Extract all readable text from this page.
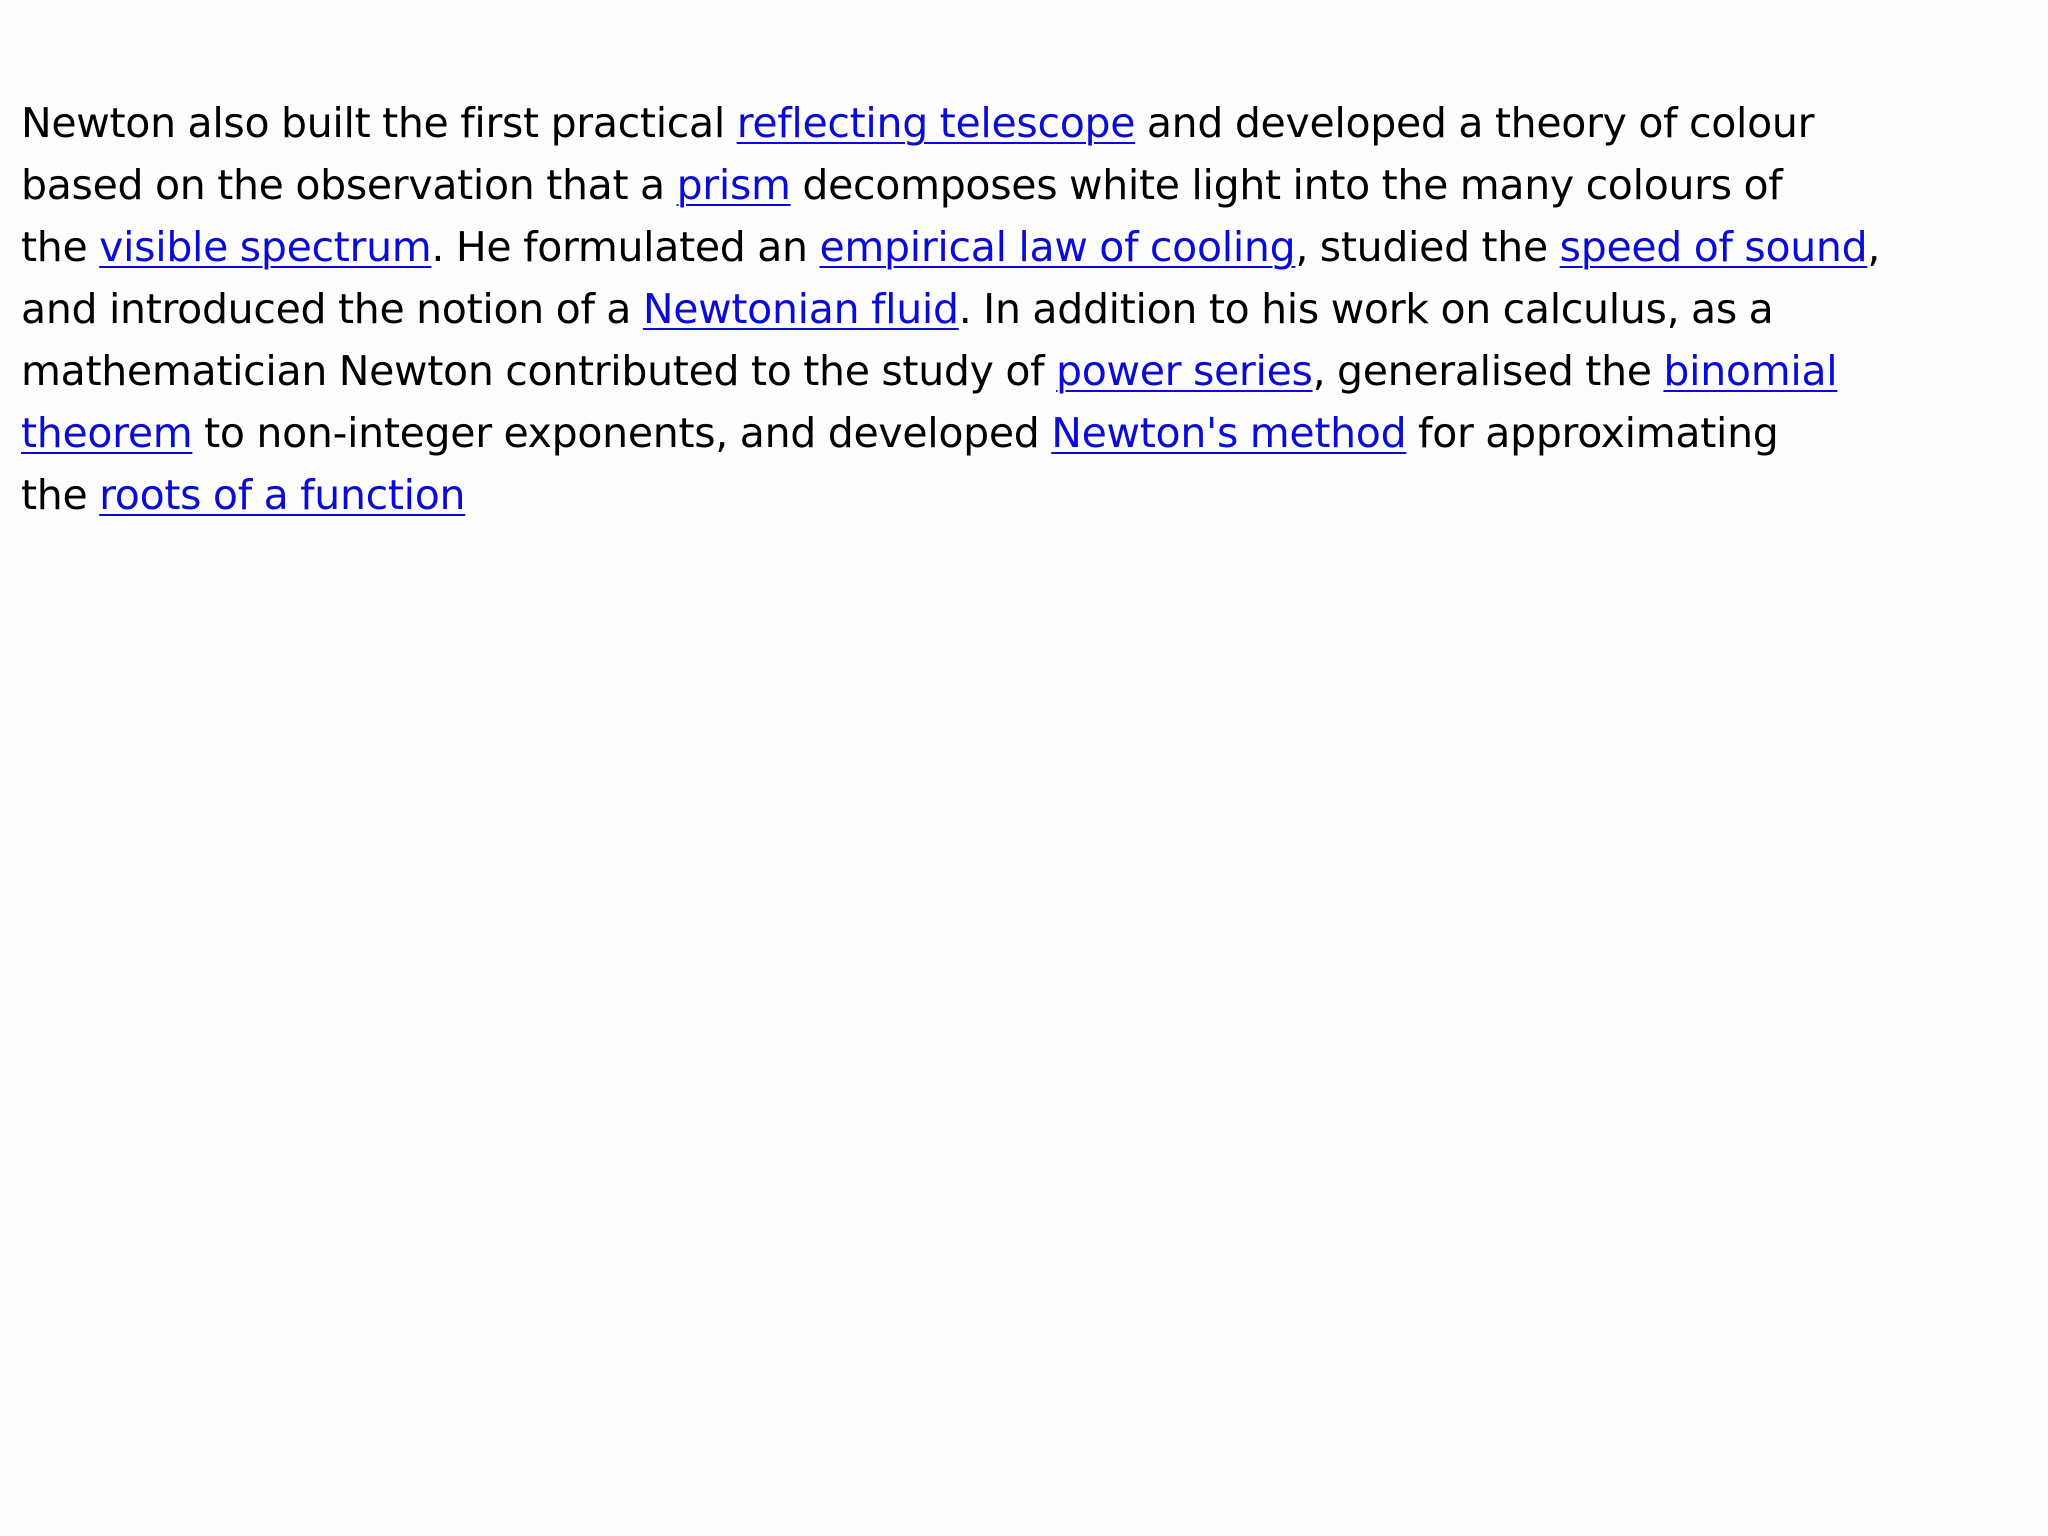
Newton also built the first practical reflecting telescope and developed a theory of colour
based on the observation that a prism decomposes white light into the many colours of
the visible spectrum. He formulated an empirical law of cooling, studied the speed of sound,
and introduced the notion of a Newtonian fluid. In addition to his work on calculus, as a
mathematician Newton contributed to the study of power series, generalised the binomial
theorem to non-integer exponents, and developed Newton's method for approximating
the roots of a function
